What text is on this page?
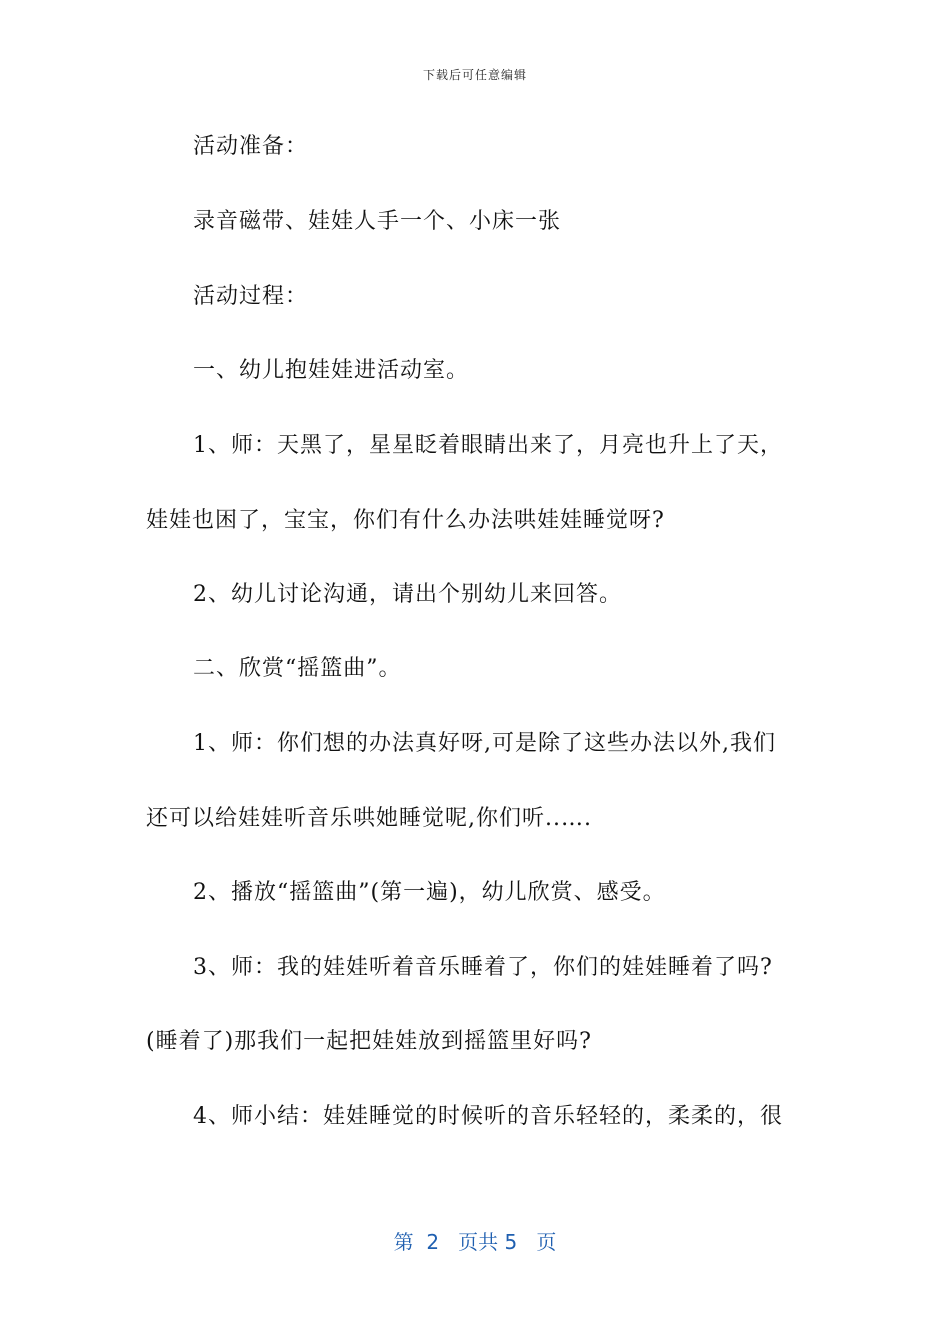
下载后可任意编辑
活动准备：
录音磁带、娃娃人手一个、小床一张
活动过程：
一、幼儿抱娃娃进活动室。
1、师：天黑了，星星眨着眼睛出来了，月亮也升上了天，
娃娃也困了，宝宝，你们有什么办法哄娃娃睡觉呀?
2、幼儿讨论沟通，请出个别幼儿来回答。
二、欣赏“摇篮曲”。
1、师：你们想的办法真好呀,可是除了这些办法以外,我们
还可以给娃娃听音乐哄她睡觉呢,你们听..….
2、播放“摇篮曲”(第一遍)，幼儿欣赏、感受。
3、师：我的娃娃听着音乐睡着了，你们的娃娃睡着了吗?
(睡着了)那我们一起把娃娃放到摇篮里好吗?
4、师小结：娃娃睡觉的时候听的音乐轻轻的，柔柔的，很
第 2 页共 5 页
